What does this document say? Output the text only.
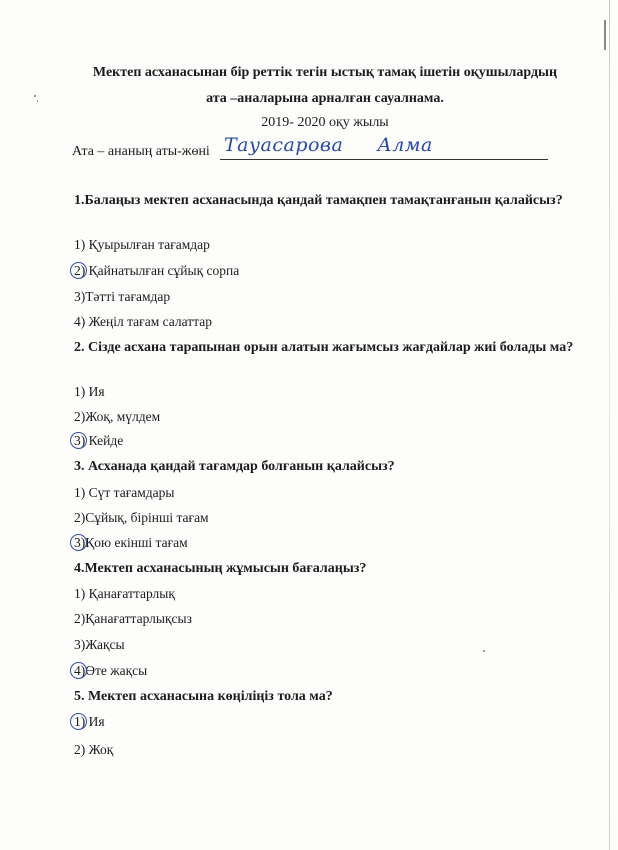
Мектеп асханасынан бір реттік тегін ыстық тамақ ішетін оқушылардың
ата –аналарына арналған сауалнама.
2019- 2020 оқу жылы
Ата – ананың аты-жөні Тауасарова Алма
1.Балаңыз мектеп асханасында қандай тамақпен тамақтанғанын қалайсыз?
1) Қуырылған тағамдар
2) Қайнатылған сұйық сорпа
3)Тәтті тағамдар
4) Жеңіл тағам салаттар
2. Сізде асхана тарапынан орын алатын жағымсыз жағдайлар жиі болады ма?
1) Ия
2)Жоқ, мүлдем
3) Кейде
3. Асханада қандай тағамдар болғанын қалайсыз?
1) Сүт тағамдары
2)Сұйық, бірінші тағам
3)Қою екінші тағам
4.Мектеп асханасының жұмысын бағалаңыз?
1) Қанағаттарлық
2)Қанағаттарлықсыз
3)Жақсы
4)Өте жақсы
5. Мектеп асханасына көңіліңіз тола ма?
1) Ия
2) Жоқ
